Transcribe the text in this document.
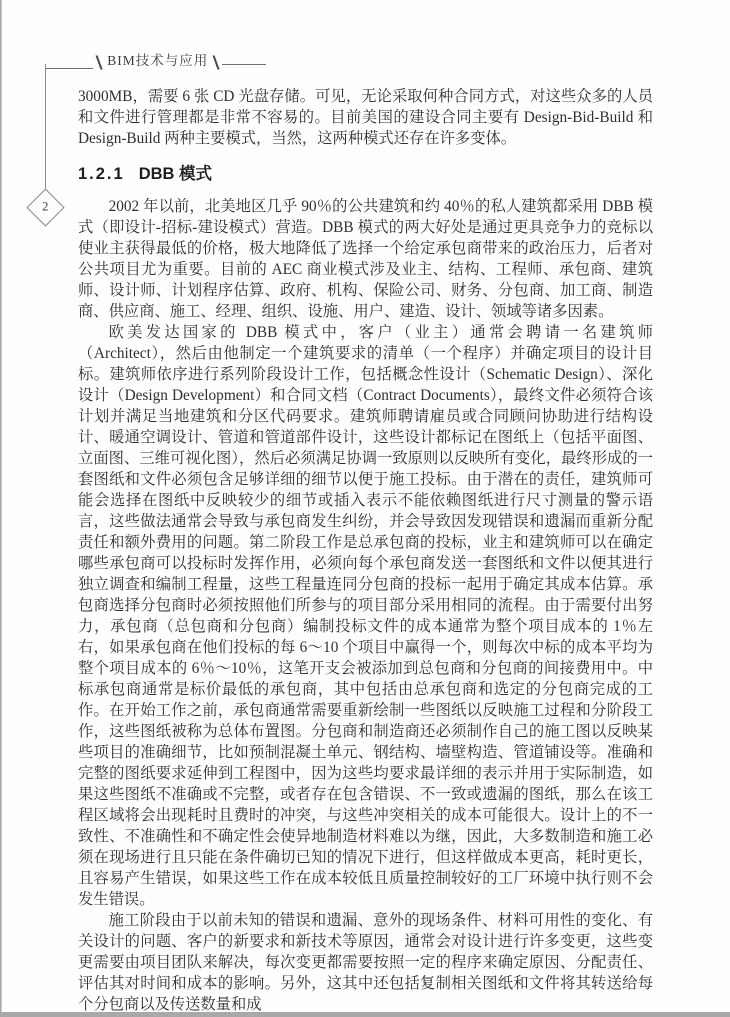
\ BIM技术与应用 \
2

3000MB，需要 6 张 CD 光盘存储。可见，无论采取何种合同方式，对这些众多的人员和文件进行管理都是非常不容易的。目前美国的建设合同主要有 Design-Bid-Build 和 Design-Build 两种主要模式，当然，这两种模式还存在许多变体。

1.2.1 DBB 模式

2002 年以前，北美地区几乎 90％的公共建筑和约 40％的私人建筑都采用 DBB 模式（即设计-招标-建设模式）营造。DBB 模式的两大好处是通过更具竞争力的竞标以使业主获得最低的价格，极大地降低了选择一个给定承包商带来的政治压力，后者对公共项目尤为重要。目前的 AEC 商业模式涉及业主、结构、工程师、承包商、建筑师、设计师、计划程序估算、政府、机构、保险公司、财务、分包商、加工商、制造商、供应商、施工、经理、组织、设施、用户、建造、设计、领域等诸多因素。

欧美发达国家的 DBB 模式中，客户（业主）通常会聘请一名建筑师（Architect），然后由他制定一个建筑要求的清单（一个程序）并确定项目的设计目标。建筑师依序进行系列阶段设计工作，包括概念性设计（Schematic Design）、深化设计（Design Development）和合同文档（Contract Documents），最终文件必须符合该计划并满足当地建筑和分区代码要求。建筑师聘请雇员或合同顾问协助进行结构设计、暖通空调设计、管道和管道部件设计，这些设计都标记在图纸上（包括平面图、立面图、三维可视化图），然后必须满足协调一致原则以反映所有变化，最终形成的一套图纸和文件必须包含足够详细的细节以便于施工投标。由于潜在的责任，建筑师可能会选择在图纸中反映较少的细节或插入表示不能依赖图纸进行尺寸测量的警示语言，这些做法通常会导致与承包商发生纠纷，并会导致因发现错误和遗漏而重新分配责任和额外费用的问题。第二阶段工作是总承包商的投标，业主和建筑师可以在确定哪些承包商可以投标时发挥作用，必须向每个承包商发送一套图纸和文件以便其进行独立调查和编制工程量，这些工程量连同分包商的投标一起用于确定其成本估算。承包商选择分包商时必须按照他们所参与的项目部分采用相同的流程。由于需要付出努力，承包商（总包商和分包商）编制投标文件的成本通常为整个项目成本的 1％左右，如果承包商在他们投标的每 6～10 个项目中赢得一个，则每次中标的成本平均为整个项目成本的 6％～10％，这笔开支会被添加到总包商和分包商的间接费用中。中标承包商通常是标价最低的承包商，其中包括由总承包商和选定的分包商完成的工作。在开始工作之前，承包商通常需要重新绘制一些图纸以反映施工过程和分阶段工作，这些图纸被称为总体布置图。分包商和制造商还必须制作自己的施工图以反映某些项目的准确细节，比如预制混凝土单元、钢结构、墙壁构造、管道铺设等。准确和完整的图纸要求延伸到工程图中，因为这些均要求最详细的表示并用于实际制造，如果这些图纸不准确或不完整，或者存在包含错误、不一致或遗漏的图纸，那么在该工程区域将会出现耗时且费时的冲突，与这些冲突相关的成本可能很大。设计上的不一致性、不准确性和不确定性会使异地制造材料难以为继，因此，大多数制造和施工必须在现场进行且只能在条件确切已知的情况下进行，但这样做成本更高，耗时更长，且容易产生错误，如果这些工作在成本较低且质量控制较好的工厂环境中执行则不会发生错误。

施工阶段由于以前未知的错误和遗漏、意外的现场条件、材料可用性的变化、有关设计的问题、客户的新要求和新技术等原因，通常会对设计进行许多变更，这些变更需要由项目团队来解决，每次变更都需要按照一定的程序来确定原因、分配责任、评估其对时间和成本的影响。另外，这其中还包括复制相关图纸和文件将其转送给每个分包商以及传送数量和成
